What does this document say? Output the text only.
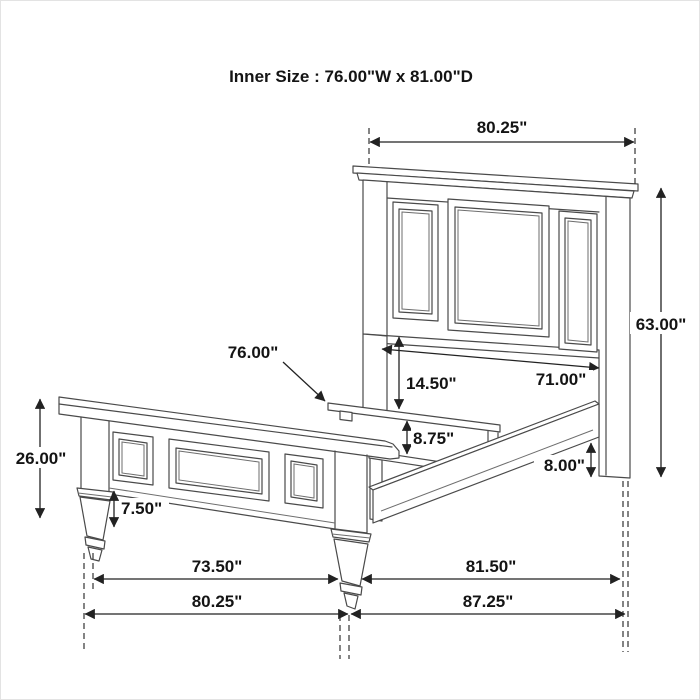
Inner Size : 76.00"W x 81.00"D
80.25"
63.00"
76.00"
71.00"
14.50"
8.75"
8.00"
26.00"
7.50"
73.50"	81.50"
80.25"	87.25"
